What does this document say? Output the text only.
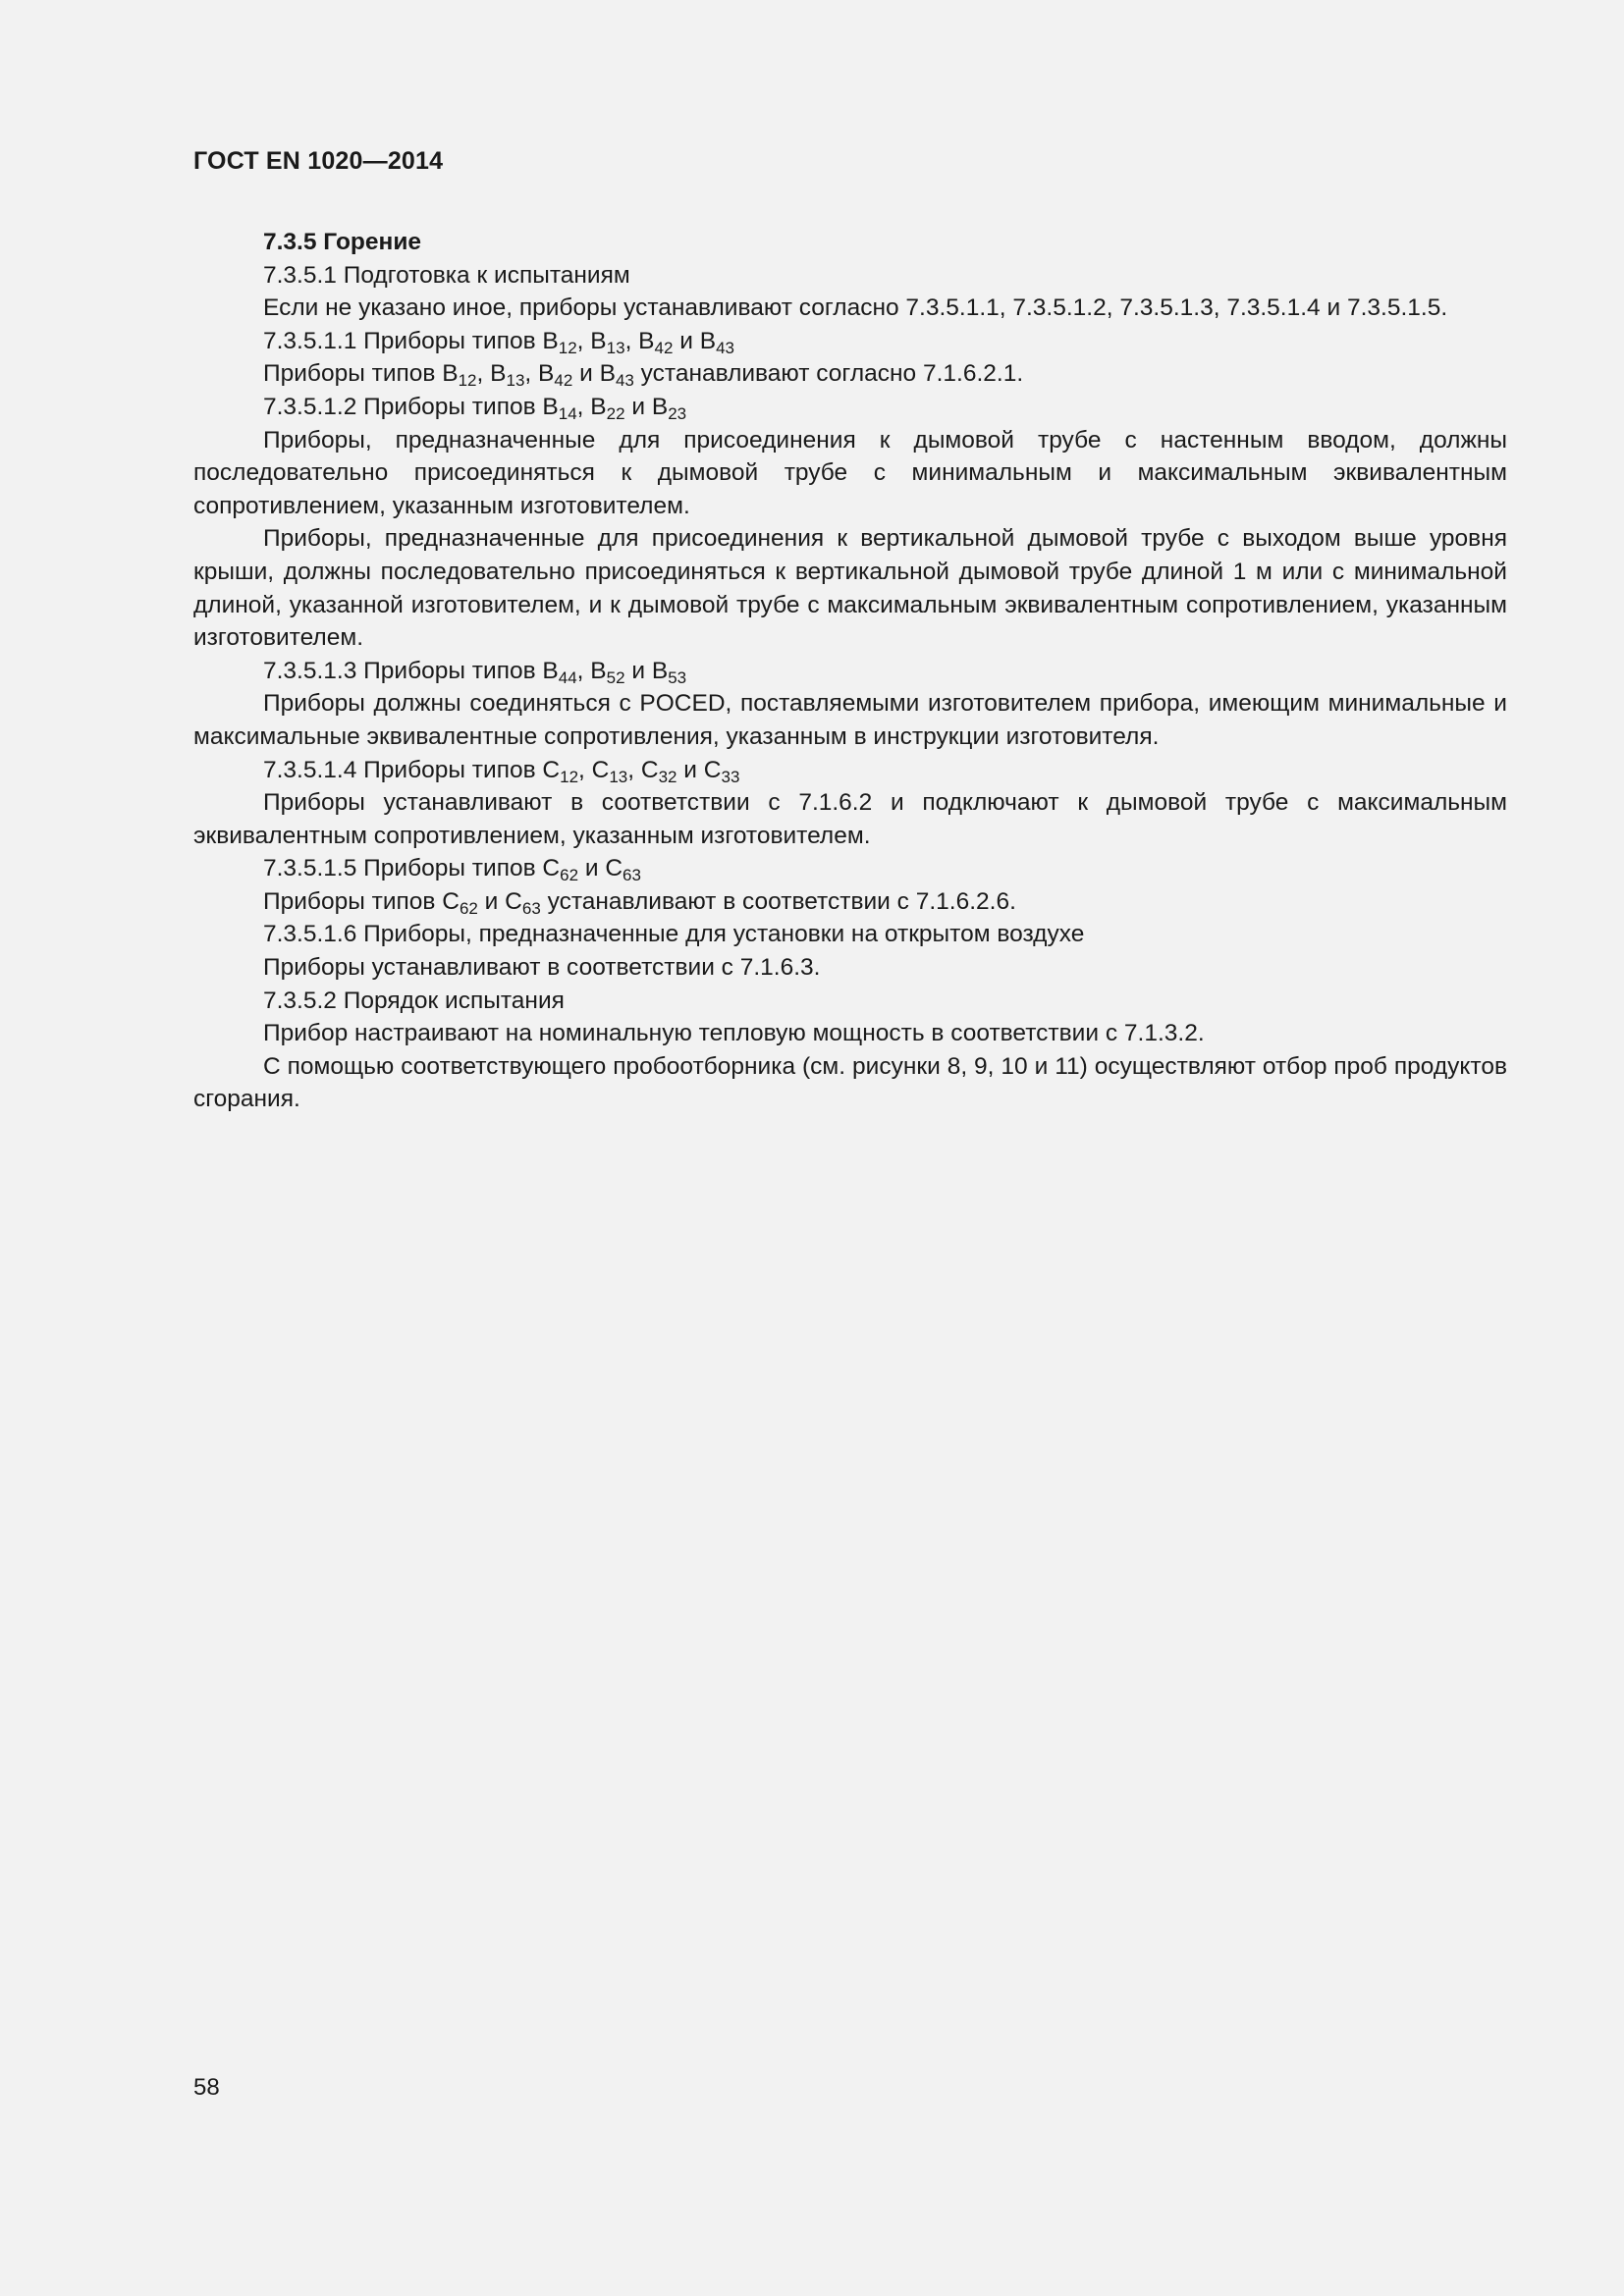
ГОСТ EN 1020—2014

7.3.5 Горение

7.3.5.1 Подготовка к испытаниям

Если не указано иное, приборы устанавливают согласно 7.3.5.1.1, 7.3.5.1.2, 7.3.5.1.3, 7.3.5.1.4 и 7.3.5.1.5.

7.3.5.1.1 Приборы типов $В_{12}$, $В_{13}$, $В_{42}$ и $В_{43}$

Приборы типов $В_{12}$, $В_{13}$, $В_{42}$ и $В_{43}$ устанавливают согласно 7.1.6.2.1.

7.3.5.1.2 Приборы типов $В_{14}$, $В_{22}$ и $В_{23}$

Приборы, предназначенные для присоединения к дымовой трубе с настенным вводом, должны последовательно присоединяться к дымовой трубе с минимальным и максимальным эквивалентным сопротивлением, указанным изготовителем.

Приборы, предназначенные для присоединения к вертикальной дымовой трубе с выходом выше уровня крыши, должны последовательно присоединяться к вертикальной дымовой трубе длиной 1 м или с минимальной длиной, указанной изготовителем, и к дымовой трубе с максимальным эквивалентным сопротивлением, указанным изготовителем.

7.3.5.1.3 Приборы типов $В_{44}$, $В_{52}$ и $В_{53}$

Приборы должны соединяться с POCED, поставляемыми изготовителем прибора, имеющим минимальные и максимальные эквивалентные сопротивления, указанным в инструкции изготовителя.

7.3.5.1.4 Приборы типов $С_{12}$, $С_{13}$, $С_{32}$ и $С_{33}$

Приборы устанавливают в соответствии с 7.1.6.2 и подключают к дымовой трубе с максимальным эквивалентным сопротивлением, указанным изготовителем.

7.3.5.1.5 Приборы типов $С_{62}$ и $С_{63}$

Приборы типов $С_{62}$ и $С_{63}$ устанавливают в соответствии с 7.1.6.2.6.

7.3.5.1.6 Приборы, предназначенные для установки на открытом воздухе

Приборы устанавливают в соответствии с 7.1.6.3.

7.3.5.2 Порядок испытания

Прибор настраивают на номинальную тепловую мощность в соответствии с 7.1.3.2.

С помощью соответствующего пробоотборника (см. рисунки 8, 9, 10 и 11) осуществляют отбор проб продуктов сгорания.

58
